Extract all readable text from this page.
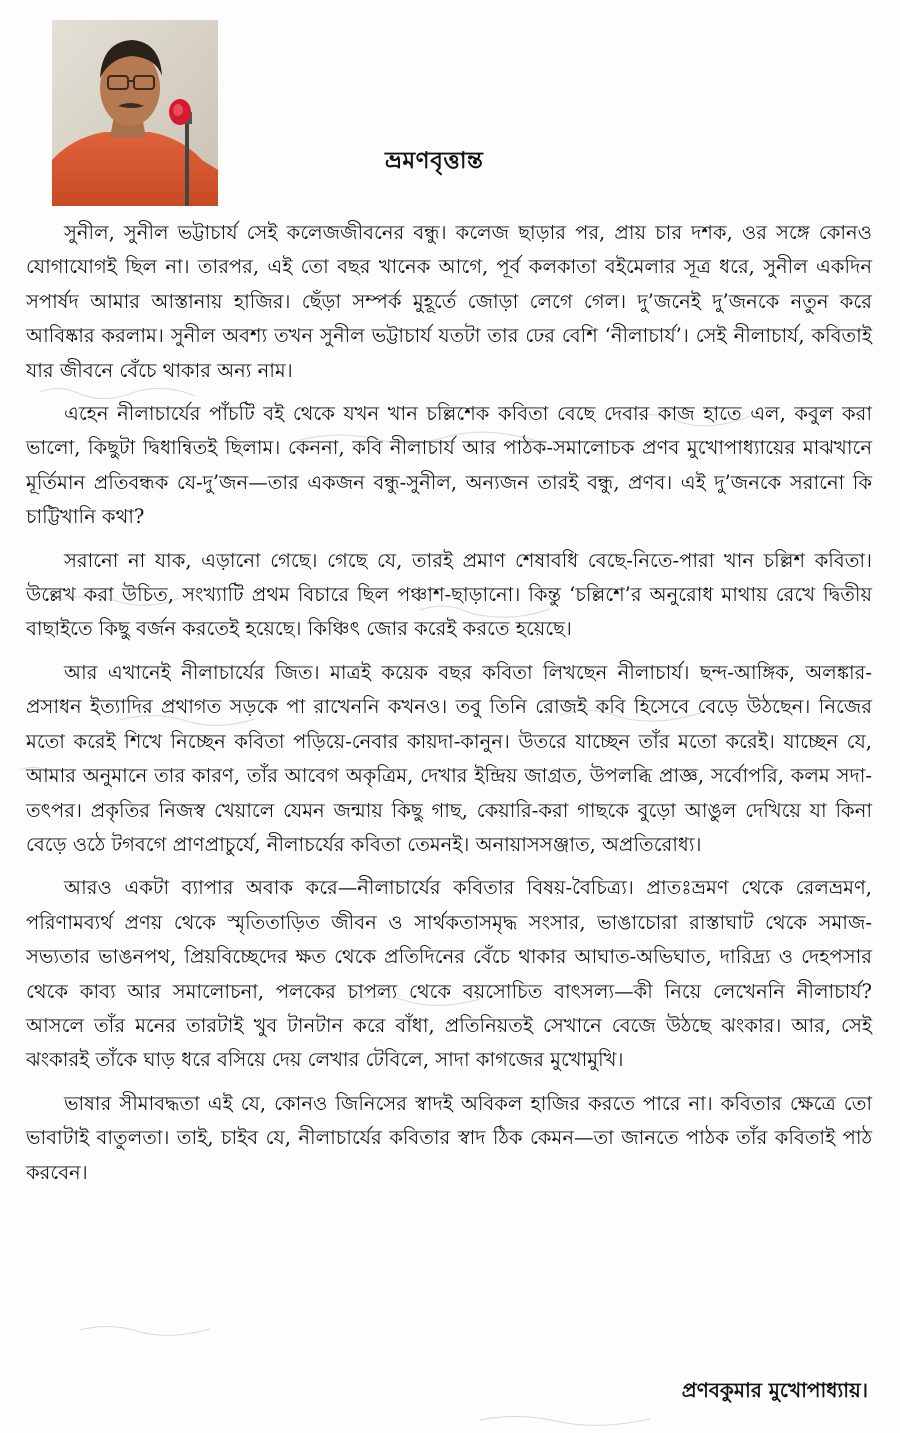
ভ্রমণবৃত্তান্ত

সুনীল, সুনীল ভট্টাচার্য সেই কলেজজীবনের বন্ধু। কলেজ ছাড়ার পর, প্রায় চার দশক, ওর সঙ্গে কোনও যোগাযোগই ছিল না। তারপর, এই তো বছর খানেক আগে, পূর্ব কলকাতা বইমেলার সূত্র ধরে, সুনীল একদিন সপার্ষদ আমার আস্তানায় হাজির। ছেঁড়া সম্পর্ক মুহূর্তে জোড়া লেগে গেল। দু’জনেই দু’জনকে নতুন করে আবিষ্কার করলাম। সুনীল অবশ্য তখন সুনীল ভট্টাচার্য যতটা তার ঢের বেশি ‘নীলাচার্য’। সেই নীলাচার্য, কবিতাই যার জীবনে বেঁচে থাকার অন্য নাম।

এহেন নীলাচার্যের পাঁচটি বই থেকে যখন খান চল্লিশেক কবিতা বেছে দেবার কাজ হাতে এল, কবুল করা ভালো, কিছুটা দ্বিধান্বিতই ছিলাম। কেননা, কবি নীলাচার্য আর পাঠক-সমালোচক প্রণব মুখোপাধ্যায়ের মাঝখানে মূর্তিমান প্রতিবন্ধক যে-দু’জন—তার একজন বন্ধু-সুনীল, অন্যজন তারই বন্ধু, প্রণব। এই দু’জনকে সরানো কি চাট্টিখানি কথা?

সরানো না যাক, এড়ানো গেছে। গেছে যে, তারই প্রমাণ শেষাবধি বেছে-নিতে-পারা খান চল্লিশ কবিতা। উল্লেখ করা উচিত, সংখ্যাটি প্রথম বিচারে ছিল পঞ্চাশ-ছাড়ানো। কিন্তু ‘চল্লিশে’র অনুরোধ মাথায় রেখে দ্বিতীয় বাছাইতে কিছু বর্জন করতেই হয়েছে। কিঞ্চিৎ জোর করেই করতে হয়েছে।

আর এখানেই নীলাচার্যের জিত। মাত্রই কয়েক বছর কবিতা লিখছেন নীলাচার্য। ছন্দ-আঙ্গিক, অলঙ্কার-প্রসাধন ইত্যাদির প্রথাগত সড়কে পা রাখেননি কখনও। তবু তিনি রোজই কবি হিসেবে বেড়ে উঠছেন। নিজের মতো করেই শিখে নিচ্ছেন কবিতা পড়িয়ে-নেবার কায়দা-কানুন। উতরে যাচ্ছেন তাঁর মতো করেই। যাচ্ছেন যে, আমার অনুমানে তার কারণ, তাঁর আবেগ অকৃত্রিম, দেখার ইন্দ্রিয় জাগ্রত, উপলব্ধি প্রাজ্ঞ, সর্বোপরি, কলম সদা-তৎপর। প্রকৃতির নিজস্ব খেয়ালে যেমন জন্মায় কিছু গাছ, কেয়ারি-করা গাছকে বুড়ো আঙুল দেখিয়ে যা কিনা বেড়ে ওঠে টগবগে প্রাণপ্রাচুর্যে, নীলাচর্যের কবিতা তেমনই। অনায়াসসঞ্জাত, অপ্রতিরোধ্য।

আরও একটা ব্যাপার অবাক করে—নীলাচার্যের কবিতার বিষয়-বৈচিত্র্য। প্রাতঃভ্রমণ থেকে রেলভ্রমণ, পরিণামব্যর্থ প্রণয় থেকে স্মৃতিতাড়িত জীবন ও সার্থকতাসমৃদ্ধ সংসার, ভাঙাচোরা রাস্তাঘাট থেকে সমাজ-সভ্যতার ভাঙনপথ, প্রিয়বিচ্ছেদের ক্ষত থেকে প্রতিদিনের বেঁচে থাকার আঘাত-অভিঘাত, দারিদ্র্য ও দেহপসার থেকে কাব্য আর সমালোচনা, পলকের চাপল্য থেকে বয়সোচিত বাৎসল্য—কী নিয়ে লেখেননি নীলাচার্য? আসলে তাঁর মনের তারটাই খুব টানটান করে বাঁধা, প্রতিনিয়তই সেখানে বেজে উঠছে ঝংকার। আর, সেই ঝংকারই তাঁকে ঘাড় ধরে বসিয়ে দেয় লেখার টেবিলে, সাদা কাগজের মুখোমুখি।

ভাষার সীমাবদ্ধতা এই যে, কোনও জিনিসের স্বাদই অবিকল হাজির করতে পারে না। কবিতার ক্ষেত্রে তো ভাবাটাই বাতুলতা। তাই, চাইব যে, নীলাচার্যের কবিতার স্বাদ ঠিক কেমন—তা জানতে পাঠক তাঁর কবিতাই পাঠ করবেন।

প্রণবকুমার মুখোপাধ্যায়।
